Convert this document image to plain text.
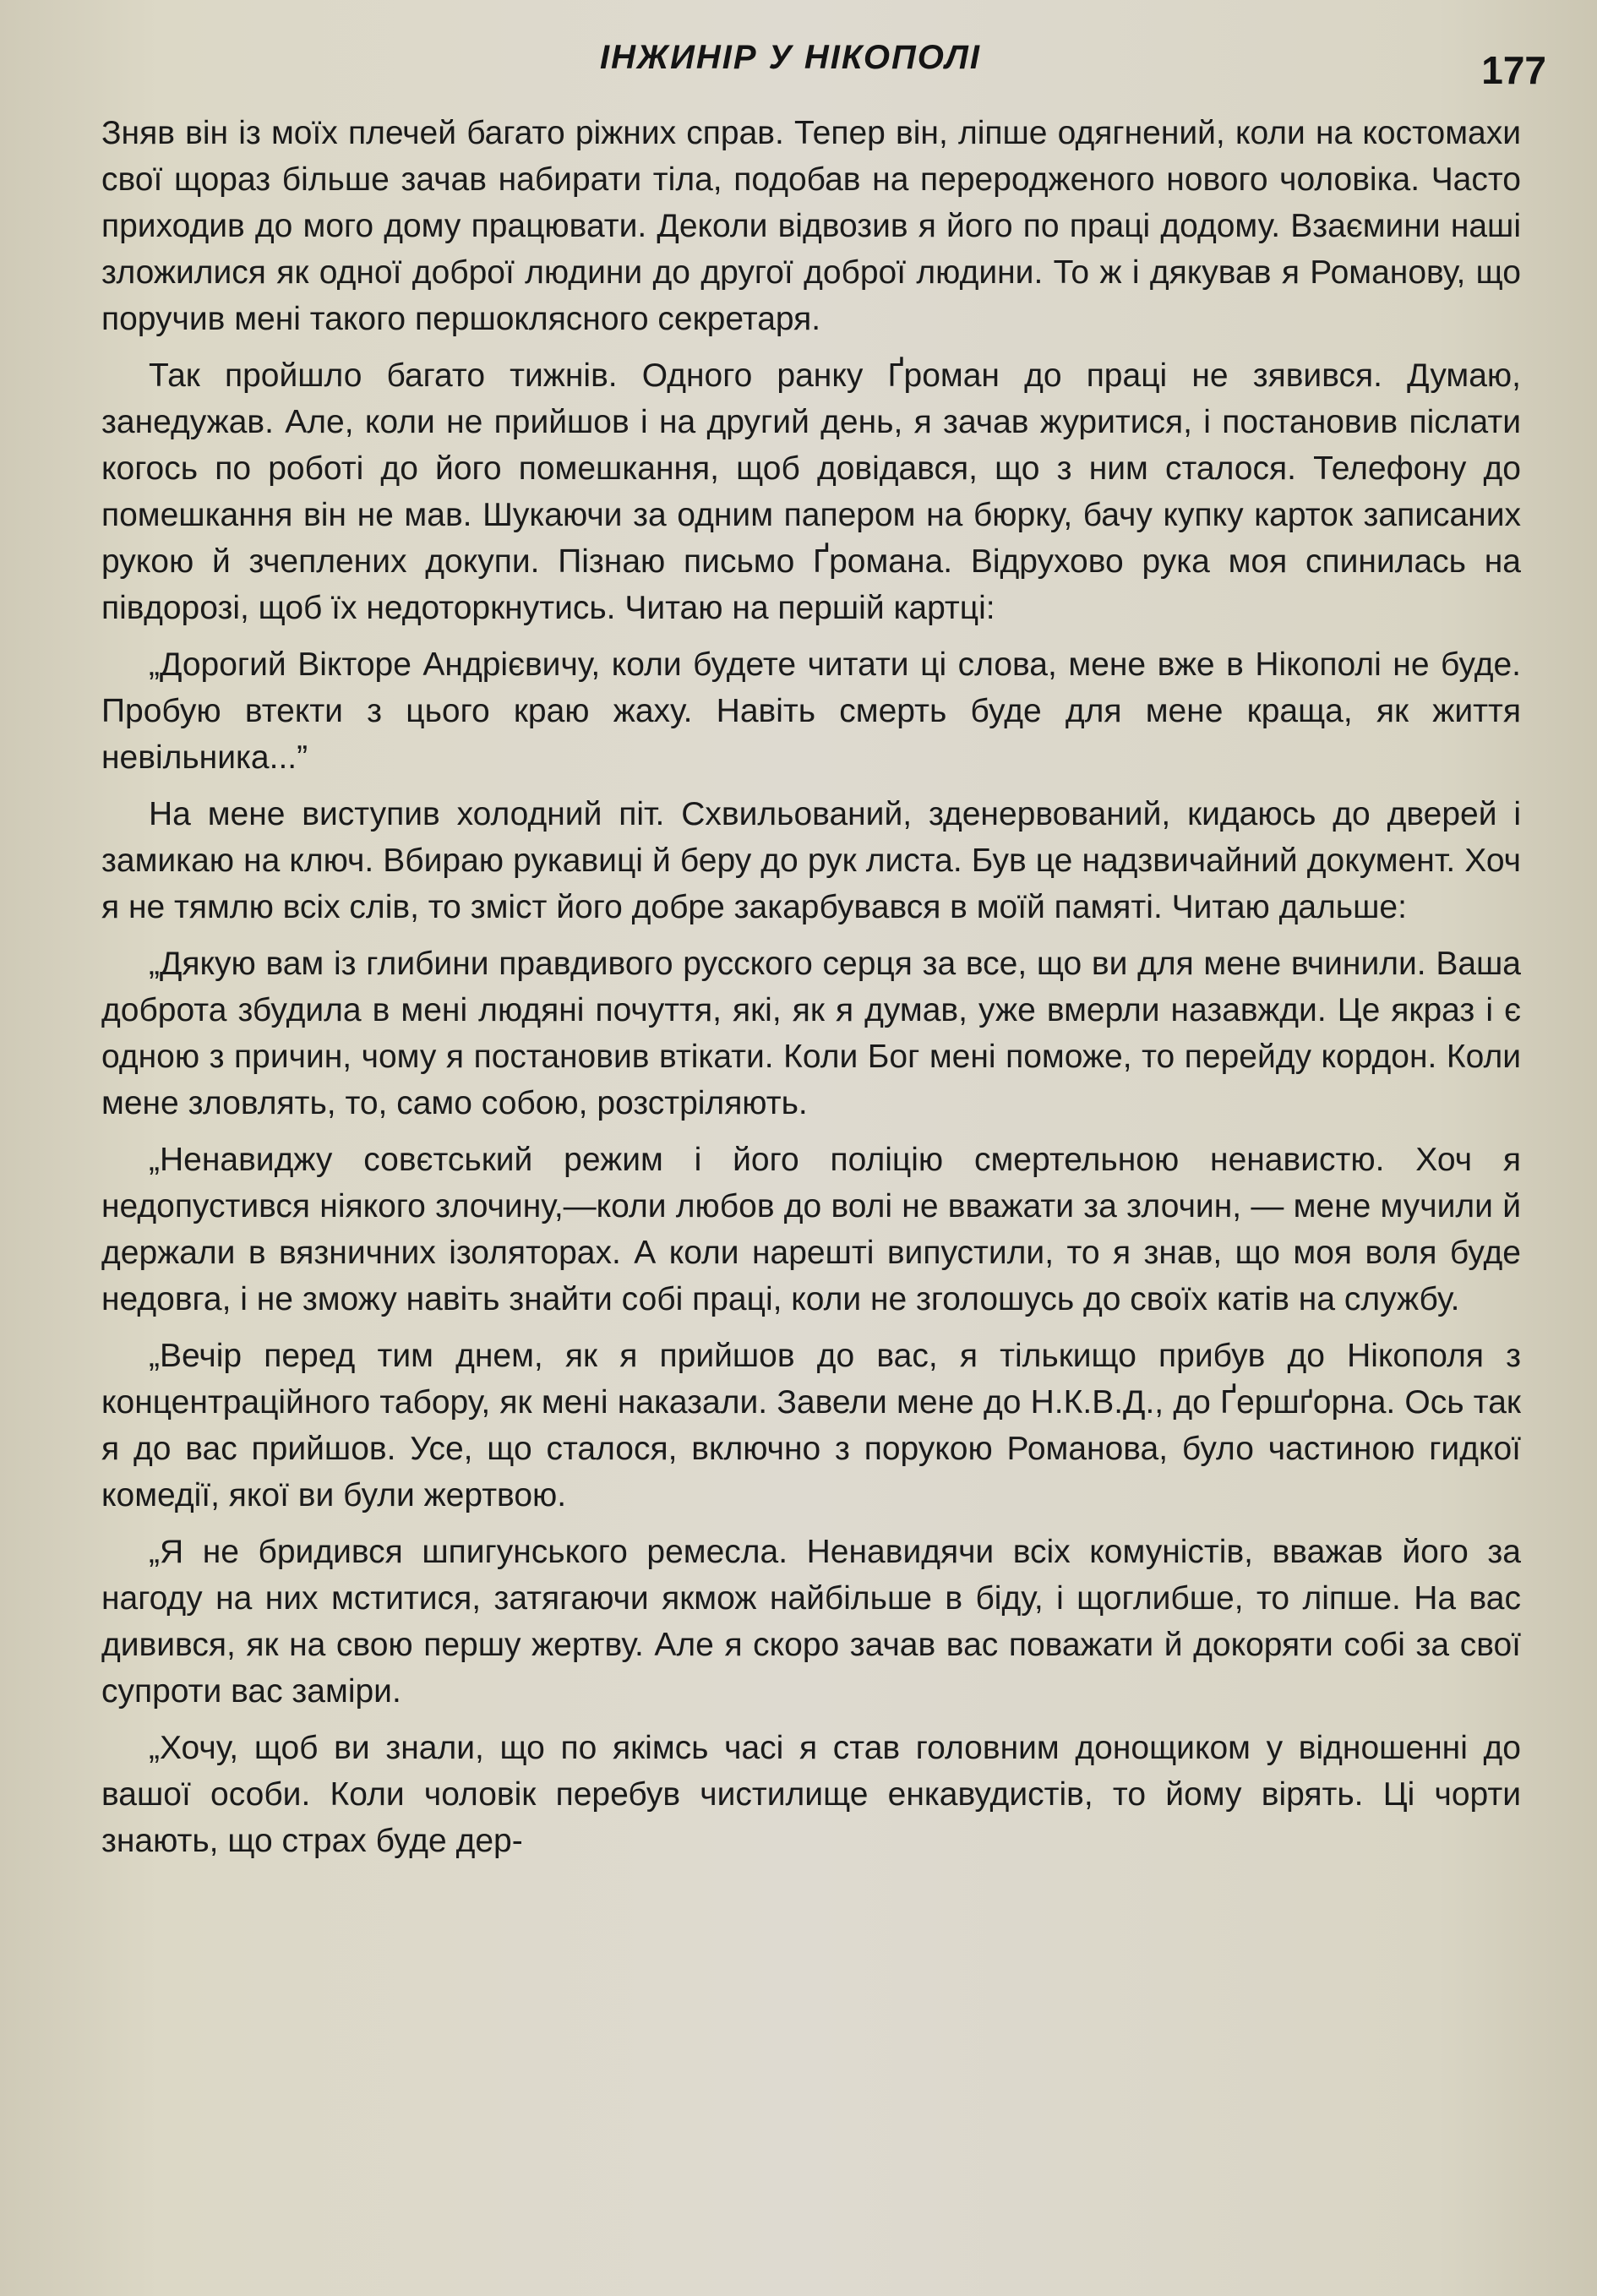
ІНЖИНІР У НІКОПОЛІ	177

Зняв він із моїх плечей багато ріжних справ. Тепер він, ліпше одягнений, коли на костомахи свої щораз більше зачав набирати тіла, подобав на переродженого нового чоловіка. Часто приходив до мого дому працювати. Деколи відвозив я його по праці додому. Взаємини наші зложилися як одної доброї людини до другої доброї людини. То ж і дякував я Романову, що поручив мені такого першоклясного секретаря.

Так пройшло багато тижнів. Одного ранку Ґроман до праці не зявився. Думаю, занедужав. Але, коли не прийшов і на другий день, я зачав журитися, і постановив післати когось по роботі до його помешкання, щоб довідався, що з ним сталося. Телефону до помешкання він не мав. Шукаючи за одним папером на бюрку, бачу купку карток записаних рукою й зчеплених докупи. Пізнаю письмо Ґромана. Відрухово рука моя спинилась на півдорозі, щоб їх недоторкнутись. Читаю на першій картці:

„Дорогий Вікторе Андрієвичу, коли будете читати ці слова, мене вже в Нікополі не буде. Пробую втекти з цього краю жаху. Навіть смерть буде для мене краща, як життя невільника...”

На мене виступив холодний піт. Схвильований, зденервований, кидаюсь до дверей і замикаю на ключ. Вбираю рукавиці й беру до рук листа. Був це надзвичайний документ. Хоч я не тямлю всіх слів, то зміст його добре закарбувався в моїй памяті. Читаю дальше:

„Дякую вам із глибини правдивого русского серця за все, що ви для мене вчинили. Ваша доброта збудила в мені людяні почуття, які, як я думав, уже вмерли назавжди. Це якраз і є одною з причин, чому я постановив втікати. Коли Бог мені поможе, то перейду кордон. Коли мене зловлять, то, само собою, розстріляють.

„Ненавиджу совєтський режим і його поліцію смертельною ненавистю. Хоч я недопустився ніякого злочину,—коли любов до волі не вважати за злочин, — мене мучили й держали в вязничних ізоляторах. А коли нарешті випустили, то я знав, що моя воля буде недовга, і не зможу навіть знайти собі праці, коли не зголошусь до своїх катів на службу.

„Вечір перед тим днем, як я прийшов до вас, я тількищо прибув до Нікополя з концентраційного табору, як мені наказали. Завели мене до Н.К.В.Д., до Ґершґорна. Ось так я до вас прийшов. Усе, що сталося, включно з порукою Романова, було частиною гидкої комедії, якої ви були жертвою.

„Я не бридився шпигунського ремесла. Ненавидячи всіх комуністів, вважав його за нагоду на них мститися, затягаючи якмож найбільше в біду, і щоглибше, то ліпше. На вас дивився, як на свою першу жертву. Але я скоро зачав вас поважати й докоряти собі за свої супроти вас заміри.

„Хочу, щоб ви знали, що по якімсь часі я став головним донощиком у відношенні до вашої особи. Коли чоловік перебув чистилище енкавудистів, то йому вірять. Ці чорти знають, що страх буде дер-
